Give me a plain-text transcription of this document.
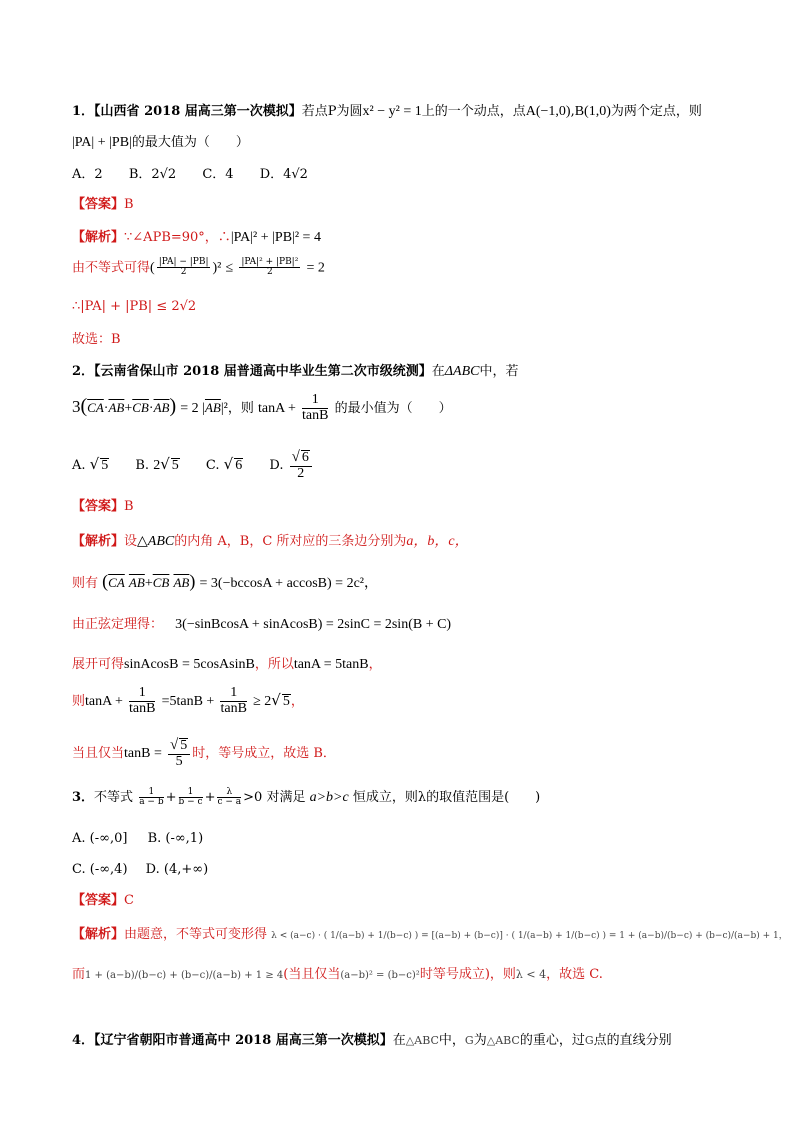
1．【山西省 2018 届高三第一次模拟】若点P为圆x² − y² = 1上的一个动点，点A(−1,0),B(1,0)为两个定点，则
|PA| + |PB|的最大值为（　　）
A．2 B．2√2 C．4 D．4√2
【答案】B
【解析】∵∠APB=90°，∴|PA|² + |PB|² = 4
由不等式可得( $\frac{|PA| - |PB|}{2} )^2 \le \frac{\text{|PA|² + |PB|²}}{2} = 2$
∴|PA| + |PB| ≤ 2√2
故选：B
2．【云南省保山市 2018 届普通高中毕业生第二次市级统测】在ΔABC中，若
$3(\overline{CA}\cdot\overline{AB}+\overline{CB}\cdot\overline{AB}) = 2$ $|\overline{AB}|^2$，则 $\tan A + \frac{1}{\tan B}$ 的最小值为（　　）
A. √ 5 B. 2√ 5 C. √ 6 D. $\frac{√ 6}{2}$
【答案】B
【解析】设△ABC的内角 A，B，C 所对应的三条边分别为a，b，c，
则有 ($\overline{CA}$ $\overline{AB}+\overline{CB}$ $\overline{AB}) = 3(-bccosA + accosB) = 2c^2$，
由正弦定理得： 3(−sinBcosA + sinAcosB) = 2sinC = 2sin(B + C)
展开可得sinAcosB = 5cosAsinB，所以tanA = 5tanB，
则$\tan A + \frac{1}{\tan B} =5\tan B + \frac{1}{\tan B} \ge 2√$ 5，
当且仅当$\tan B = \frac{√ 5}{5}$ 时，等号成立，故选 B．
3．不等式 $\frac{1}{a - b} + \frac{1}{b - c} + \frac{\lambda}{c - a} >0$ 对满足 a>b>c 恒成立，则λ的取值范围是(　　)
A. (-∞,0] B. (-∞,1)
C. (-∞,4) D. (4,+∞)
【答案】C
【解析】由题意，不等式可变形得 λ < (a−c) · ( 1/(a−b) + 1/(b−c) ) = [(a−b) + (b−c)] · ( 1/(a−b) + 1/(b−c) ) = 1 + (a−b)/(b−c) + (b−c)/(a−b) + 1，
而1 + (a−b)/(b−c) + (b−c)/(a−b) + 1 ≥ 4(当且仅当(a−b)² = (b−c)²时等号成立)，则λ < 4，故选 C.
4．【辽宁省朝阳市普通高中 2018 届高三第一次模拟】在△ABC中，G为△ABC的重心，过G点的直线分别
